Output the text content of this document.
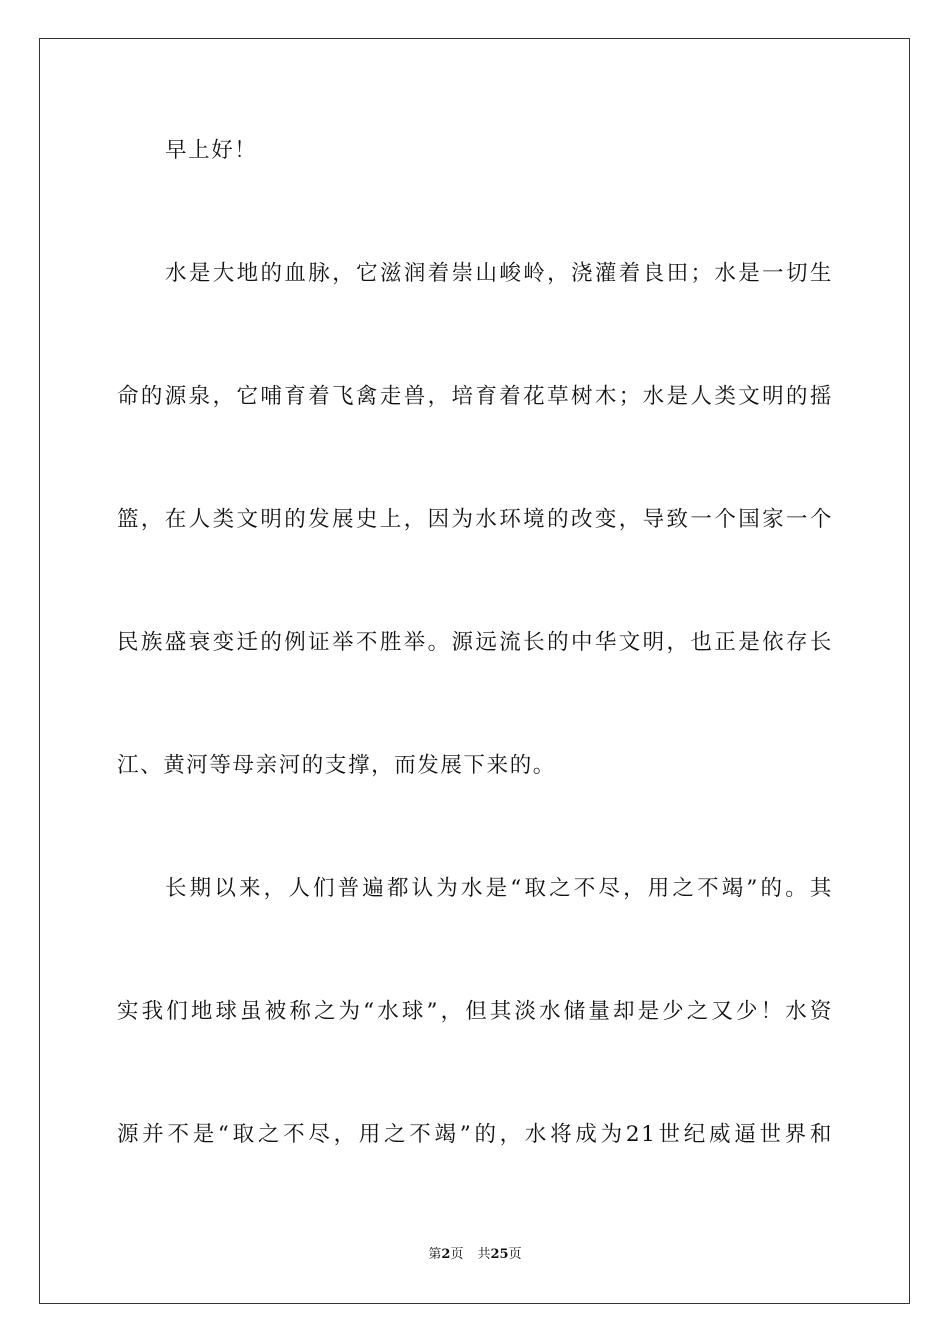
早上好！
水是大地的血脉，它滋润着崇山峻岭，浇灌着良田；水是一切生
命的源泉，它哺育着飞禽走兽，培育着花草树木；水是人类文明的摇
篮，在人类文明的发展史上，因为水环境的改变，导致一个国家一个
民族盛衰变迁的例证举不胜举。源远流长的中华文明，也正是依存长
江、黄河等母亲河的支撑，而发展下来的。
长期以来，人们普遍都认为水是“取之不尽，用之不竭”的。其
实我们地球虽被称之为“水球”，但其淡水储量却是少之又少！水资
源并不是“取之不尽，用之不竭”的，水将成为21世纪威逼世界和
第2页 共25页
